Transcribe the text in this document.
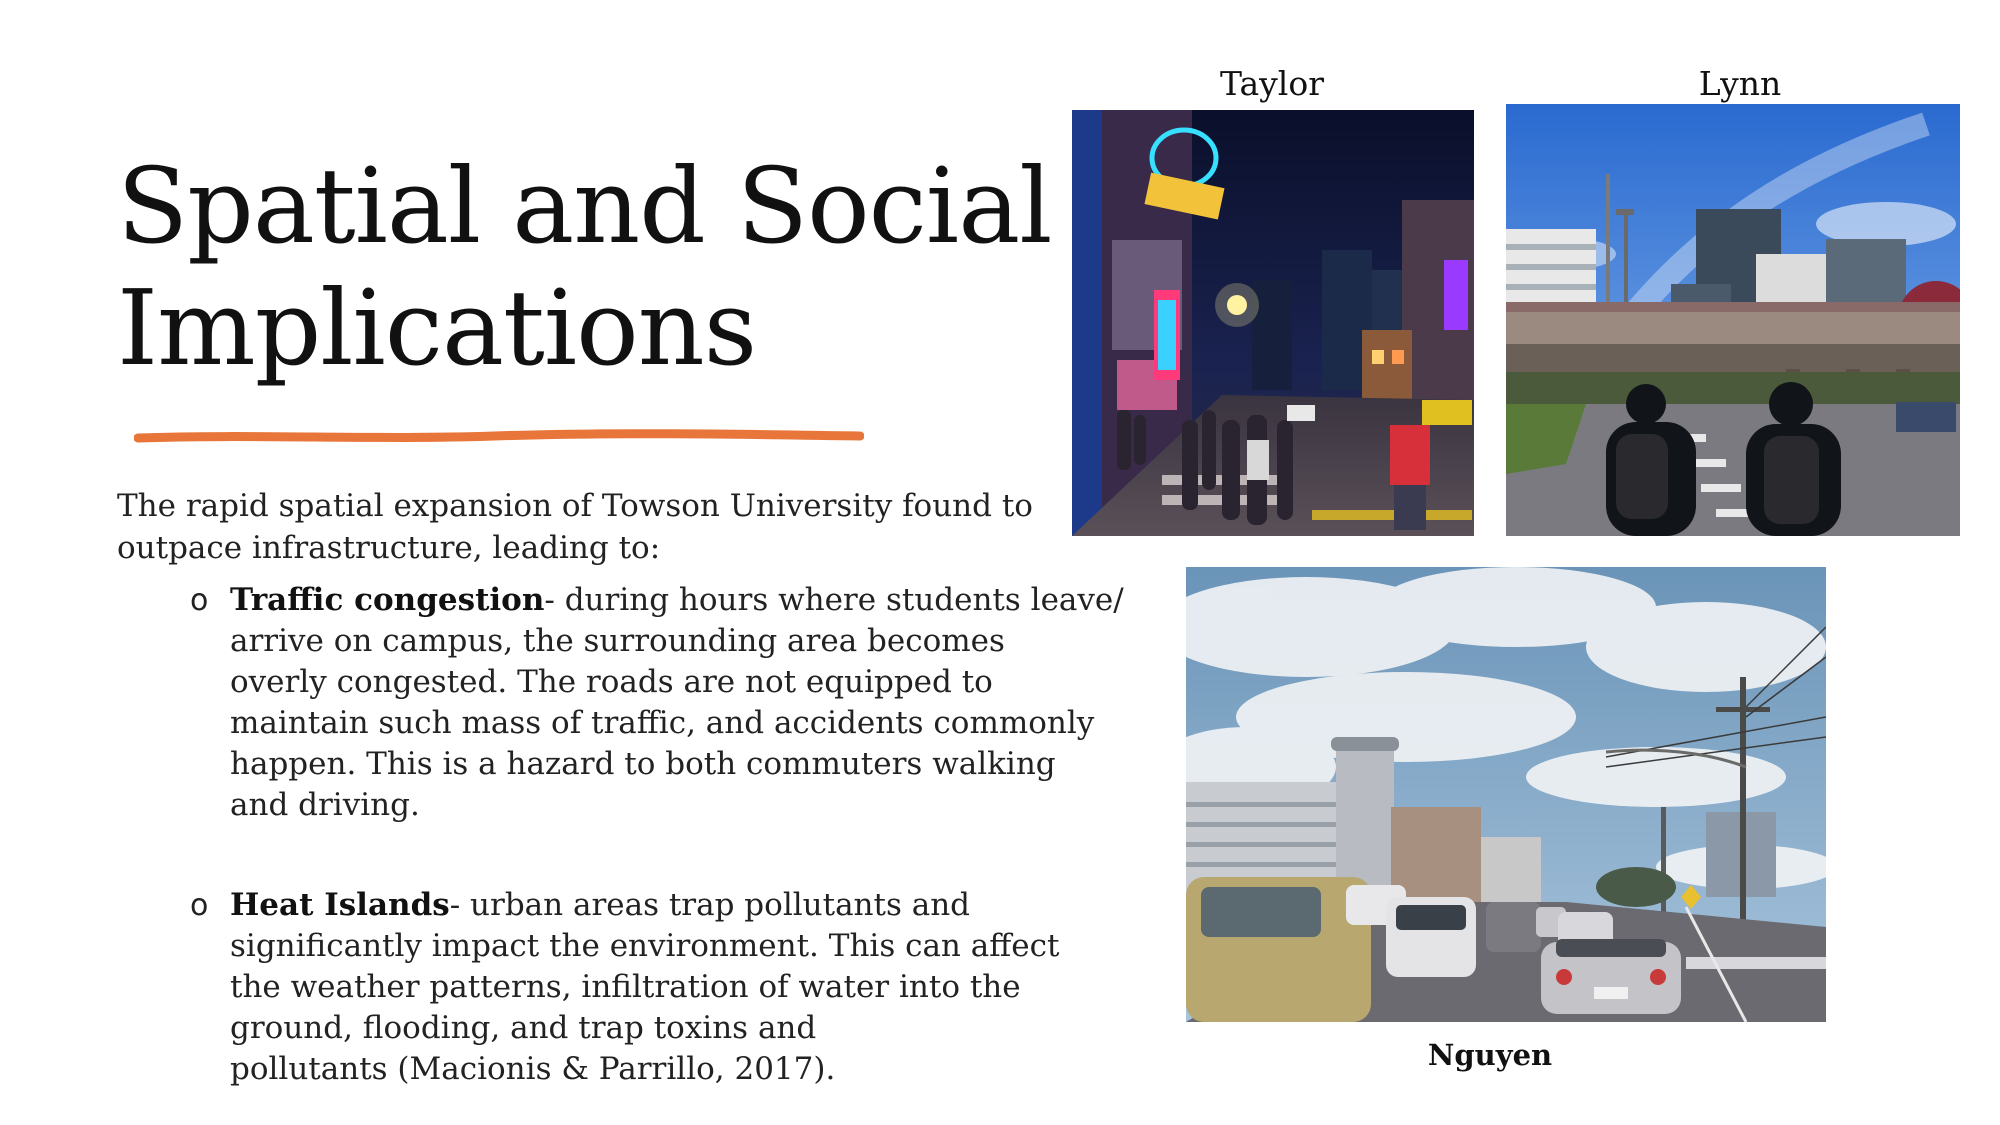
Spatial and Social
Implications
The rapid spatial expansion of Towson University found to
outpace infrastructure, leading to:
o Traffic congestion- during hours where students leave/
arrive on campus, the surrounding area becomes
overly congested. The roads are not equipped to
maintain such mass of traffic, and accidents commonly
happen. This is a hazard to both commuters walking
and driving.
o Heat Islands- urban areas trap pollutants and
significantly impact the environment. This can affect
the weather patterns, infiltration of water into the
ground, flooding, and trap toxins and
pollutants (Macionis & Parrillo, 2017).
Taylor	Lynn
Nguyen
